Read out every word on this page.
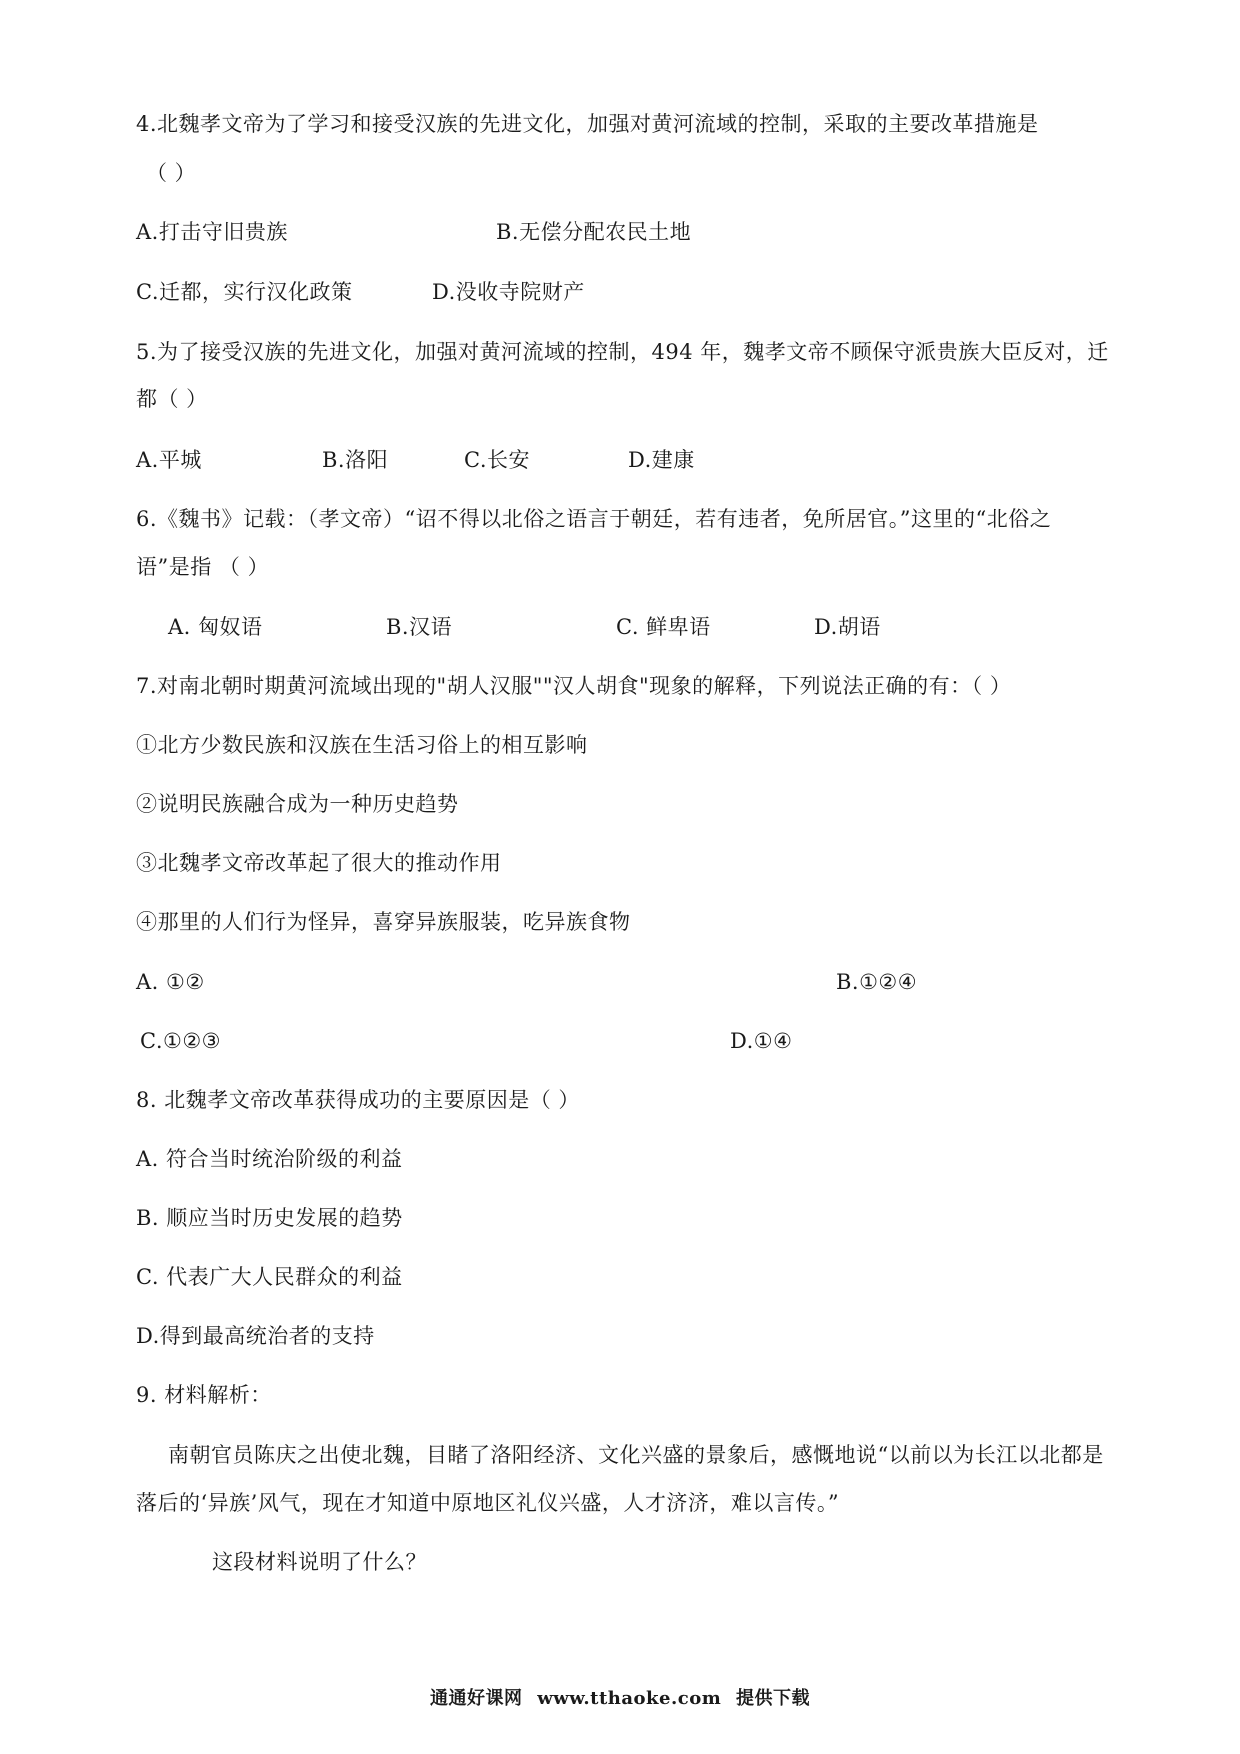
4.北魏孝文帝为了学习和接受汉族的先进文化，加强对黄河流域的控制，采取的主要改革措施是
（ ）
A.打击守旧贵族	B.无偿分配农民土地
C.迁都，实行汉化政策	D.没收寺院财产
5.为了接受汉族的先进文化，加强对黄河流域的控制，494 年，魏孝文帝不顾保守派贵族大臣反对，迁
都（ ）
A.平城	B.洛阳	C.长安	D.建康
6.《魏书》记载：（孝文帝）“诏不得以北俗之语言于朝廷，若有违者，免所居官。”这里的“北俗之
语”是指 （ ）
A. 匈奴语	B.汉语	C. 鲜卑语	D.胡语
7.对南北朝时期黄河流域出现的"胡人汉服""汉人胡食"现象的解释，下列说法正确的有：（ ）
①北方少数民族和汉族在生活习俗上的相互影响
②说明民族融合成为一种历史趋势
③北魏孝文帝改革起了很大的推动作用
④那里的人们行为怪异，喜穿异族服装，吃异族食物
A. ①②	B.①②④
C.①②③	D.①④
8. 北魏孝文帝改革获得成功的主要原因是（ ）
A. 符合当时统治阶级的利益
B. 顺应当时历史发展的趋势
C. 代表广大人民群众的利益
D.得到最高统治者的支持
9. 材料解析：
南朝官员陈庆之出使北魏，目睹了洛阳经济、文化兴盛的景象后，感慨地说“以前以为长江以北都是
落后的‘异族’风气，现在才知道中原地区礼仪兴盛，人才济济，难以言传。”
这段材料说明了什么？
通通好课网 www.tthaoke.com 提供下载
